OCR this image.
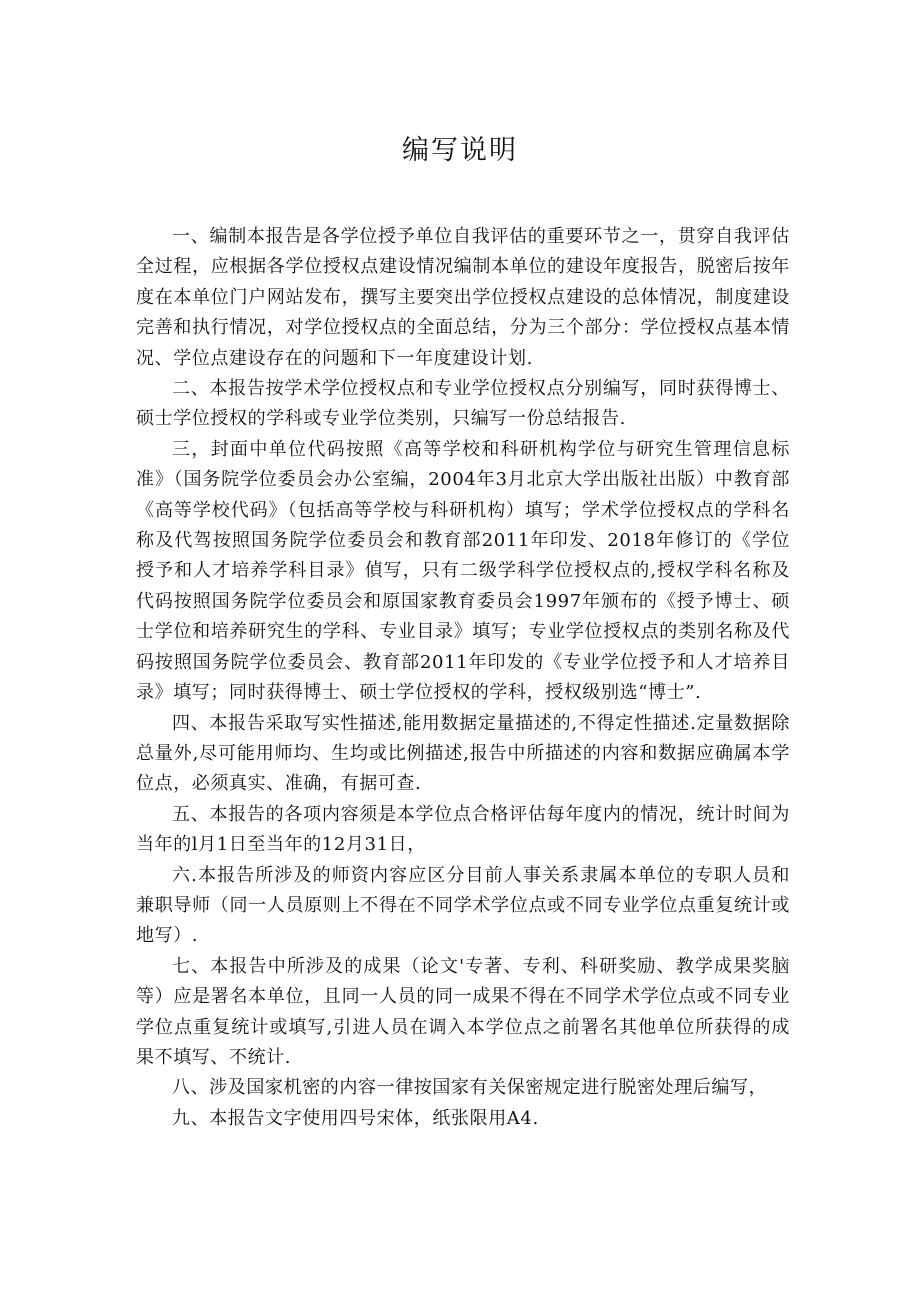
编写说明

一、编制本报告是各学位授予单位自我评估的重要环节之一，贯穿自我评估全过程，应根据各学位授权点建设情况编制本单位的建设年度报告，脱密后按年度在本单位门户网站发布，撰写主要突出学位授权点建设的总体情况，制度建设完善和执行情况，对学位授权点的全面总结，分为三个部分：学位授权点基本情况、学位点建设存在的问题和下一年度建设计划.

二、本报告按学术学位授权点和专业学位授权点分别编写，同时获得博士、硕士学位授权的学科或专业学位类别，只编写一份总结报告.

三，封面中单位代码按照《高等学校和科研机构学位与研究生管理信息标准》（国务院学位委员会办公室编，2004年3月北京大学出版社出版）中教育部《高等学校代码》（包括高等学校与科研机构）填写；学术学位授权点的学科名称及代驾按照国务院学位委员会和教育部2011年印发、2018年修订的《学位授予和人才培养学科目录》偵写，只有二级学科学位授权点的,授权学科名称及代码按照国务院学位委员会和原国家教育委员会1997年颁布的《授予博士、硕士学位和培养研究生的学科、专业目录》填写；专业学位授权点的类别名称及代码按照国务院学位委员会、教育部2011年印发的《专业学位授予和人才培养目录》填写；同时获得博士、硕士学位授权的学科，授权级别选“博士”.

四、本报告采取写实性描述,能用数据定量描述的,不得定性描述.定量数据除总量外,尽可能用师均、生均或比例描述,报告中所描述的内容和数据应确属本学位点，必须真实、准确，有据可查.

五、本报告的各项内容须是本学位点合格评估每年度内的情况，统计时间为当年的l月1日至当年的12月31日，

六.本报告所涉及的师资内容应区分目前人事关系隶属本单位的专职人员和兼职导师（同一人员原则上不得在不同学术学位点或不同专业学位点重复统计或地写）.

七、本报告中所涉及的成果（论文'专著、专利、科研奖励、教学成果奖脑等）应是署名本单位，且同一人员的同一成果不得在不同学术学位点或不同专业学位点重复统计或填写,引进人员在调入本学位点之前署名其他单位所获得的成果不填写、不统计.

八、涉及国家机密的内容一律按国家有关保密规定进行脱密处理后编写，

九、本报告文字使用四号宋体，纸张限用A4.
